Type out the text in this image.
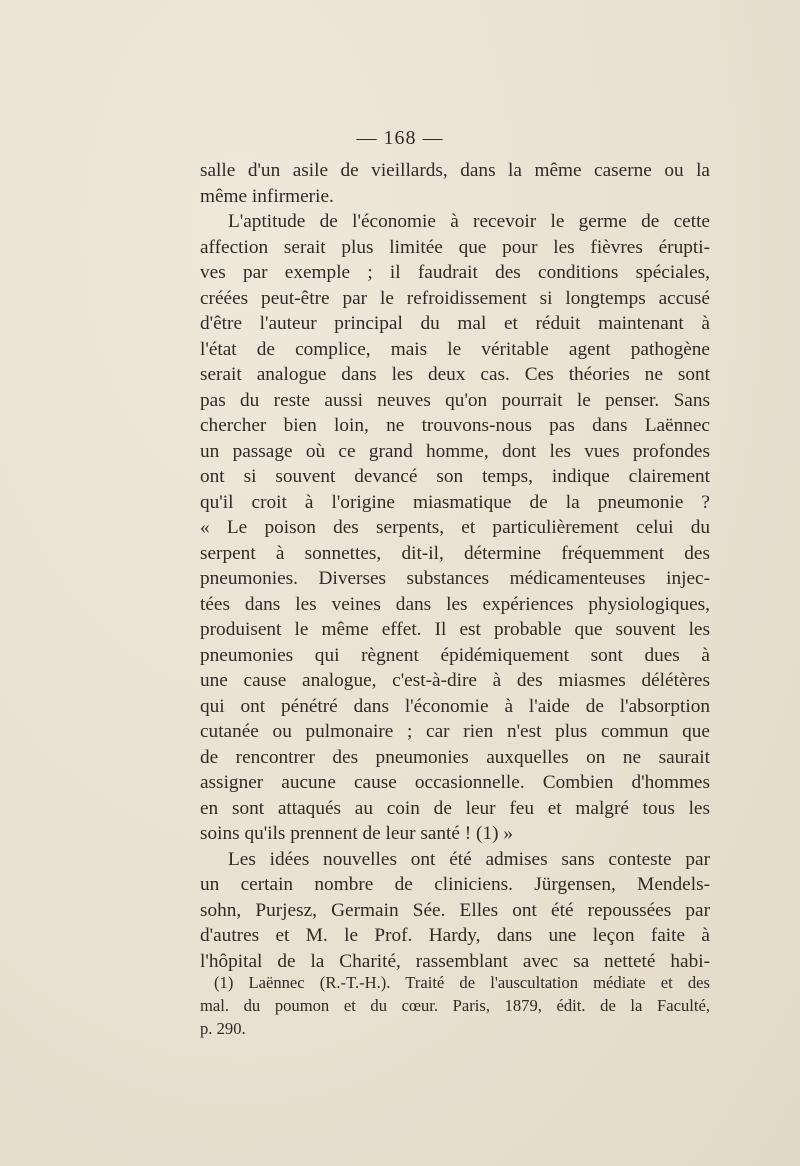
— 168 —
salle d'un asile de vieillards, dans la même caserne ou la
même infirmerie.
L'aptitude de l'économie à recevoir le germe de cette
affection serait plus limitée que pour les fièvres érupti-
ves par exemple ; il faudrait des conditions spéciales,
créées peut-être par le refroidissement si longtemps accusé
d'être l'auteur principal du mal et réduit maintenant à
l'état de complice, mais le véritable agent pathogène
serait analogue dans les deux cas. Ces théories ne sont
pas du reste aussi neuves qu'on pourrait le penser. Sans
chercher bien loin, ne trouvons-nous pas dans Laënnec
un passage où ce grand homme, dont les vues profondes
ont si souvent devancé son temps, indique clairement
qu'il croit à l'origine miasmatique de la pneumonie ?
« Le poison des serpents, et particulièrement celui du
serpent à sonnettes, dit-il, détermine fréquemment des
pneumonies. Diverses substances médicamenteuses injec-
tées dans les veines dans les expériences physiologiques,
produisent le même effet. Il est probable que souvent les
pneumonies qui règnent épidémiquement sont dues à
une cause analogue, c'est-à-dire à des miasmes délétères
qui ont pénétré dans l'économie à l'aide de l'absorption
cutanée ou pulmonaire ; car rien n'est plus commun que
de rencontrer des pneumonies auxquelles on ne saurait
assigner aucune cause occasionnelle. Combien d'hommes
en sont attaqués au coin de leur feu et malgré tous les
soins qu'ils prennent de leur santé ! (1) »
Les idées nouvelles ont été admises sans conteste par
un certain nombre de cliniciens. Jürgensen, Mendels-
sohn, Purjesz, Germain Sée. Elles ont été repoussées par
d'autres et M. le Prof. Hardy, dans une leçon faite à
l'hôpital de la Charité, rassemblant avec sa netteté habi-
(1) Laënnec (R.-T.-H.). Traité de l'auscultation médiate et des
mal. du poumon et du cœur. Paris, 1879, édit. de la Faculté,
p. 290.
